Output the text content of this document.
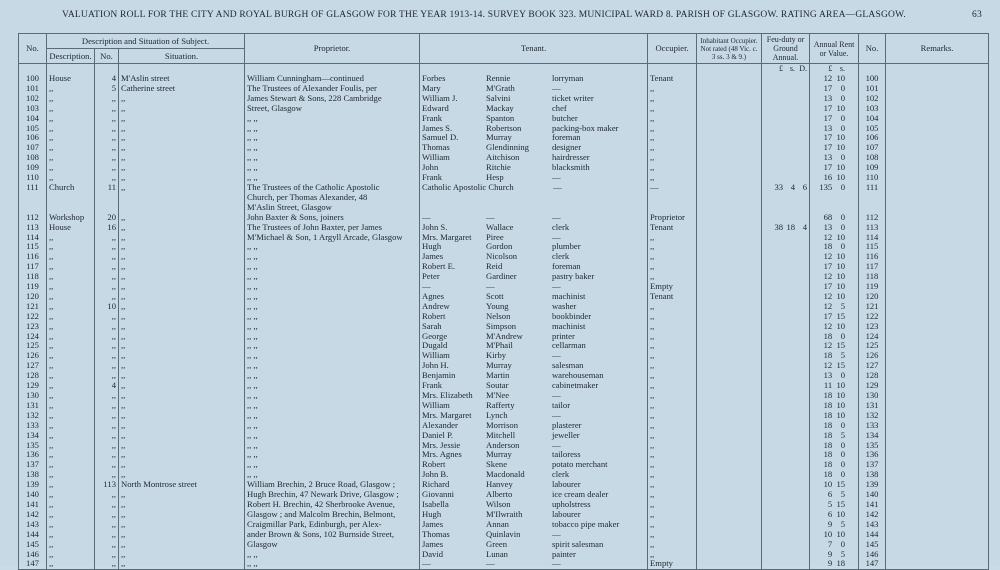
VALUATION ROLL FOR THE CITY AND ROYAL BURGH OF GLASGOW FOR THE YEAR 1913-14. SURVEY BOOK 323. MUNICIPAL WARD 8. PARISH OF GLASGOW. RATING AREA—GLASGOW.	63
No.	Description and Situation of Subject.			Proprietor.	Tenant.	Occupier.	Inhabitant Occupier. Not rated (48 Vic. c. 3 ss. 3 & 9.)	Feu-duty or Ground Annual.	Annual Rent or Value.	No.	Remarks.
	Description.	No.	Situation.								

								£ s. D.	£ s.		

100	House	4	M'Aslin street	William Cunningham—continued	Forbes Rennie lorryman	Tenant			12 10	100	
101	,,	5	Catherine street	The Trustees of Alexander Foulis, per	Mary M'Grath —	,,			17 0	101	
102	,,	,,	,,	James Stewart & Sons, 228 Cambridge	William J. Salvini ticket writer	,,			13 0	102	
103	,,	,,	,,	Street, Glasgow	Edward Mackay chef	,,			17 10	103	
104	,,	,,	,,	,, ,,	Frank Spanton butcher	,,			17 0	104	
105	,,	,,	,,	,, ,,	James S. Robertson packing-box maker	,,			13 0	105	
106	,,	,,	,,	,, ,,	Samuel D. Murray foreman	,,			17 10	106	
107	,,	,,	,,	,, ,,	Thomas Glendinning designer	,,			17 10	107	
108	,,	,,	,,	,, ,,	William Aitchison hairdresser	,,			13 0	108	
109	,,	,,	,,	,, ,,	John Ritchie blacksmith	,,			17 10	109	
110	,,	,,	,,	,, ,,	Frank Hesp —	,,			16 10	110	
111	Church	11	,,	The Trustees of the Catholic Apostolic	Catholic Apostolic Church —	—		33 4 6	135 0	111	
				Church, per Thomas Alexander, 48	

				M'Aslin Street, Glasgow	

112	Workshop	20	,,	John Baxter & Sons, joiners	— — —	Proprietor			68 0	112	
113	House	16	,,	The Trustees of John Baxter, per James	John S. Wallace clerk	Tenant		38 18 4	13 0	113	
114	,,	,,	,,	M'Michael & Son, 1 Argyll Arcade, Glasgow	Mrs. Margaret Piree —	,,			12 10	114	
115	,,	,,	,,	,, ,,	Hugh Gordon plumber	,,			18 0	115	
116	,,	,,	,,	,, ,,	James Nicolson clerk	,,			12 10	116	
117	,,	,,	,,	,, ,,	Robert E. Reid foreman	,,			17 10	117	
118	,,	,,	,,	,, ,,	Peter Gardiner pastry baker	,,			12 10	118	
119	,,	,,	,,	,, ,,	— — —	Empty			17 10	119	
120	,,	,,	,,	,, ,,	Agnes Scott machinist	Tenant			12 10	120	
121	,,	10	,,	,, ,,	Andrew Young washer	,,			12 5	121	
122	,,	,,	,,	,, ,,	Robert Nelson bookbinder	,,			17 15	122	
123	,,	,,	,,	,, ,,	Sarah Simpson machinist	,,			12 10	123	
124	,,	,,	,,	,, ,,	George M'Andrew printer	,,			18 0	124	
125	,,	,,	,,	,, ,,	Dugald M'Phail cellarman	,,			12 15	125	
126	,,	,,	,,	,, ,,	William Kirby —	,,			18 5	126	
127	,,	,,	,,	,, ,,	John H. Murray salesman	,,			12 15	127	
128	,,	,,	,,	,, ,,	Benjamin Martin warehouseman	,,			13 0	128	
129	,,	4	,,	,, ,,	Frank Soutar cabinetmaker	,,			11 10	129	
130	,,	,,	,,	,, ,,	Mrs. Elizabeth M'Nee —	,,			18 10	130	
131	,,	,,	,,	,, ,,	William Rafferty tailor	,,			18 10	131	
132	,,	,,	,,	,, ,,	Mrs. Margaret Lynch —	,,			18 10	132	
133	,,	,,	,,	,, ,,	Alexander Morrison plasterer	,,			18 0	133	
134	,,	,,	,,	,, ,,	Daniel P. Mitchell jeweller	,,			18 5	134	
135	,,	,,	,,	,, ,,	Mrs. Jessie Anderson —	,,			18 0	135	
136	,,	,,	,,	,, ,,	Mrs. Agnes Murray tailoress	,,			18 0	136	
137	,,	,,	,,	,, ,,	Robert Skene potato merchant	,,			18 0	137	
138	,,	,,	,,	,, ,,	John B. Macdonald clerk	,,			18 0	138	
139	,,	113	North Montrose street	William Brechin, 2 Bruce Road, Glasgow ;	Richard Hanvey labourer	,,			10 15	139	
140	,,	,,	,,	Hugh Brechin, 47 Newark Drive, Glasgow ;	Giovanni Alberto ice cream dealer	,,			6 5	140	
141	,,	,,	,,	Robert H. Brechin, 42 Sherbrooke Avenue,	Isabella Wilson upholstress	,,			5 15	141	
142	,,	,,	,,	Glasgow ; and Malcolm Brechin, Belmont,	Hugh M'Ilwraith labourer	,,			6 10	142	
143	,,	,,	,,	Craigmillar Park, Edinburgh, per Alex-	James Annan tobacco pipe maker	,,			9 5	143	
144	,,	,,	,,	ander Brown & Sons, 102 Burnside Street,	Thomas Quinlavin —	,,			10 10	144	
145	,,	,,	,,	Glasgow	James Green spirit salesman	,,			7 0	145	
146	,,	,,	,,	,, ,,	David Lunan painter	,,			9 5	146	
147	,,	,,	,,	,, ,,	— — —	Empty			9 18	147	
